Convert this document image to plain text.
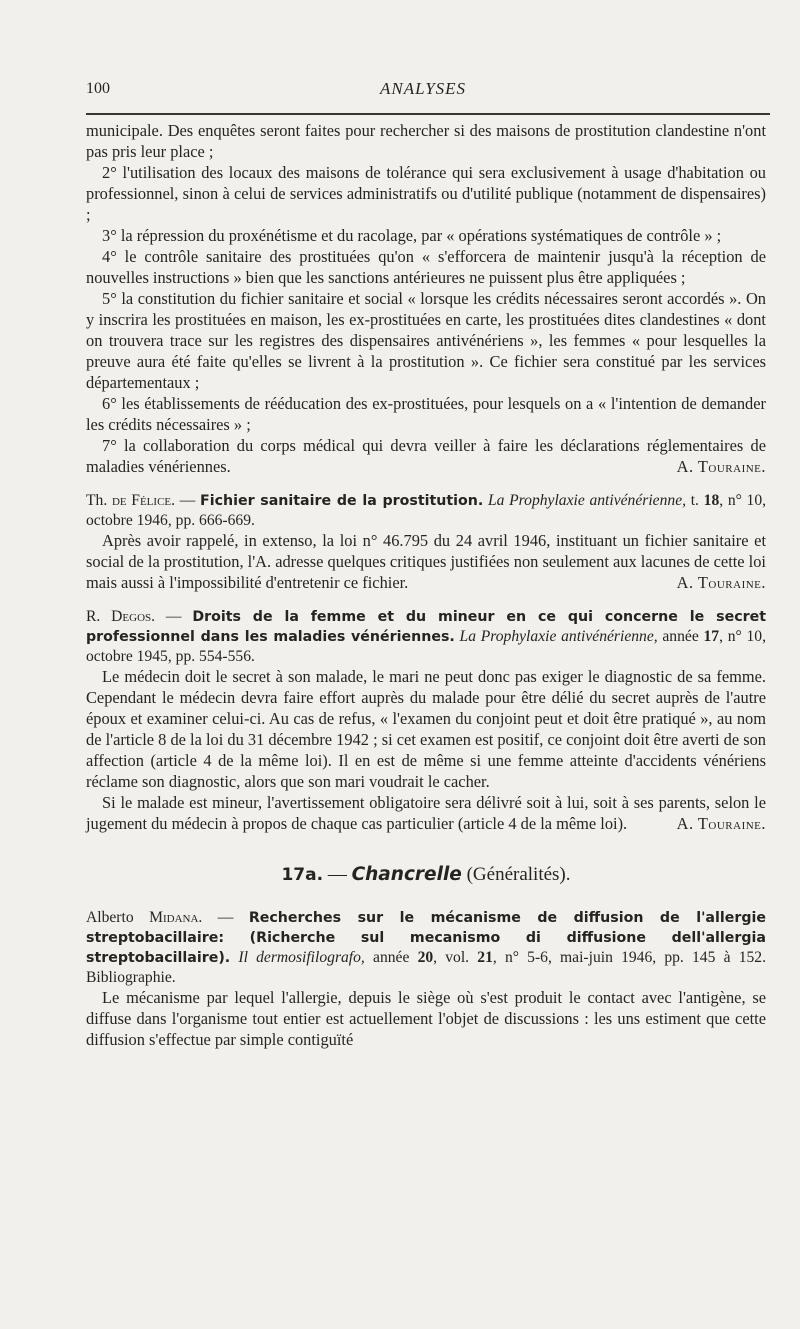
100	ANALYSES

municipale. Des enquêtes seront faites pour rechercher si des maisons de prostitution clandestine n'ont pas pris leur place ;

2° l'utilisation des locaux des maisons de tolérance qui sera exclusivement à usage d'habitation ou professionnel, sinon à celui de services administratifs ou d'utilité publique (notamment de dispensaires) ;

3° la répression du proxénétisme et du racolage, par « opérations systématiques de contrôle » ;

4° le contrôle sanitaire des prostituées qu'on « s'efforcera de maintenir jusqu'à la réception de nouvelles instructions » bien que les sanctions antérieures ne puissent plus être appliquées ;

5° la constitution du fichier sanitaire et social « lorsque les crédits nécessaires seront accordés ». On y inscrira les prostituées en maison, les ex-prostituées en carte, les prostituées dites clandestines « dont on trouvera trace sur les registres des dispensaires antivénériens », les femmes « pour lesquelles la preuve aura été faite qu'elles se livrent à la prostitution ». Ce fichier sera constitué par les services départementaux ;

6° les établissements de rééducation des ex-prostituées, pour lesquels on a « l'intention de demander les crédits nécessaires » ;

7° la collaboration du corps médical qui devra veiller à faire les déclarations réglementaires de maladies vénériennes.	A. Touraine.

Th. de Félice. — Fichier sanitaire de la prostitution. La Prophylaxie antivénérienne, t. 18, n° 10, octobre 1946, pp. 666-669.

Après avoir rappelé, in extenso, la loi n° 46.795 du 24 avril 1946, instituant un fichier sanitaire et social de la prostitution, l'A. adresse quelques critiques justifiées non seulement aux lacunes de cette loi mais aussi à l'impossibilité d'entretenir ce fichier.	A. Touraine.

R. Degos. — Droits de la femme et du mineur en ce qui concerne le secret professionnel dans les maladies vénériennes. La Prophylaxie antivénérienne, année 17, n° 10, octobre 1945, pp. 554-556.

Le médecin doit le secret à son malade, le mari ne peut donc pas exiger le diagnostic de sa femme. Cependant le médecin devra faire effort auprès du malade pour être délié du secret auprès de l'autre époux et examiner celui-ci. Au cas de refus, « l'examen du conjoint peut et doit être pratiqué », au nom de l'article 8 de la loi du 31 décembre 1942 ; si cet examen est positif, ce conjoint doit être averti de son affection (article 4 de la même loi). Il en est de même si une femme atteinte d'accidents vénériens réclame son diagnostic, alors que son mari voudrait le cacher.

Si le malade est mineur, l'avertissement obligatoire sera délivré soit à lui, soit à ses parents, selon le jugement du médecin à propos de chaque cas particulier (article 4 de la même loi).	A. Touraine.

17a. — Chancrelle (Généralités).

Alberto Midana. — Recherches sur le mécanisme de diffusion de l'allergie streptobacillaire: (Richerche sul mecanismo di diffusione dell'allergia streptobacillaire). Il dermosifilografo, année 20, vol. 21, n° 5-6, mai-juin 1946, pp. 145 à 152. Bibliographie.

Le mécanisme par lequel l'allergie, depuis le siège où s'est produit le contact avec l'antigène, se diffuse dans l'organisme tout entier est actuellement l'objet de discussions : les uns estiment que cette diffusion s'effectue par simple contiguïté
